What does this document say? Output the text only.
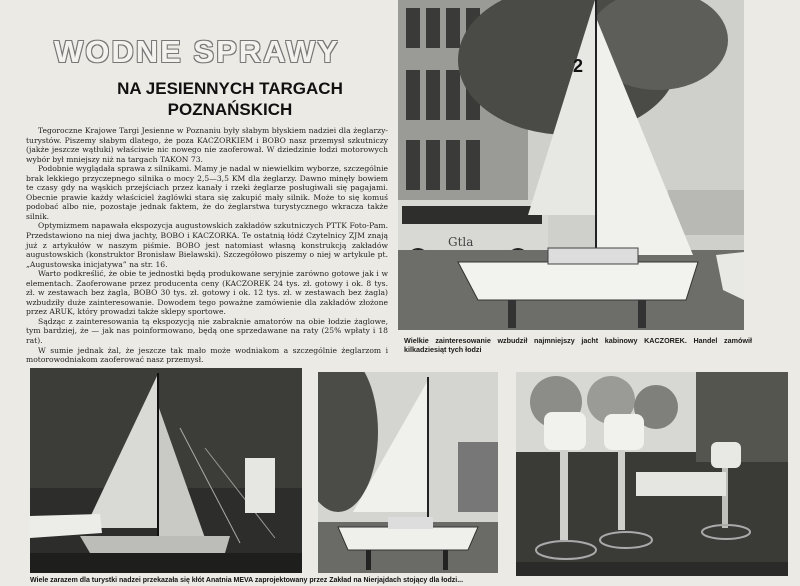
WODNE SPRAWY
NA JESIENNYCH TARGACH
POZNAŃSKICH

Tegoroczne Krajowe Targi Jesienne w Poznaniu były słabym błyskiem nadziei dla żeglarzy-turystów. Piszemy słabym dlatego, że poza KACZORKIEM i BOBO nasz przemysł szkutniczy (jakże jeszcze wątłuki) właściwie nic nowego nie zaoferował. W dziedzinie łodzi motorowych wybór był mniejszy niż na targach TAKON 73.

Podobnie wyglądała sprawa z silnikami. Mamy je nadal w niewielkim wyborze, szczególnie brak lekkiego przyczepnego silnika o mocy 2,5—3,5 KM dla żeglarzy. Dawno minęły bowiem te czasy gdy na wąskich przejściach przez kanały i rzeki żeglarze posługiwali się pagajami. Obecnie prawie każdy właściciel żaglówki stara się zakupić mały silnik. Może to się komuś podobać albo nie, pozostaje jednak faktem, że do żeglarstwa turystycznego wkracza także silnik.

Optymizmem napawała ekspozycja augustowskich zakładów szkutniczych PTTK Foto-Pam. Przedstawiono na niej dwa jachty, BOBO i KACZORKA. Te ostatnią łódź Czytelnicy ZJM znają już z artykułów w naszym piśmie. BOBO jest natomiast własną konstrukcją zakładów augustowskich (konstruktor Bronisław Bielawski). Szczegółowo piszemy o niej w artykule pt. „Augustowska inicjatywa” na str. 16.

Warto podkreślić, że obie te jednostki będą produkowane seryjnie zarówno gotowe jak i w elementach. Zaoferowane przez producenta ceny (KACZOREK 24 tys. zł. gotowy i ok. 8 tys. zł. w zestawach bez żagla, BOBO 30 tys. zł. gotowy i ok. 12 tys. zł. w zestawach bez żagla) wzbudziły duże zainteresowanie. Dowodem tego poważne zamówienie dla zakładów złożone przez ARUK, który prowadzi także sklepy sportowe.

Sądząc z zainteresowania tą ekspozycją nie zabraknie amatorów na obie łodzie żaglowe, tym bardziej, że — jak nas poinformowano, będą one sprzedawane na raty (25% wpłaty i 18 rat).

W sumie jednak żal, że jeszcze tak mało może wodniakom a szczególnie żeglarzom i motorowodniakom zaoferować nasz przemysł.

Gtla
2
Wielkie zainteresowanie wzbudził najmniejszy jacht kabinowy KACZOREK. Handel zamówił kilkadziesiąt tych łodzi
Wiele zarazem dla turystki nadzei przekazała się kłót Anatnia MEVA zaprojektowany przez Zakład na Nierjajdach stojący dla łodzi...
